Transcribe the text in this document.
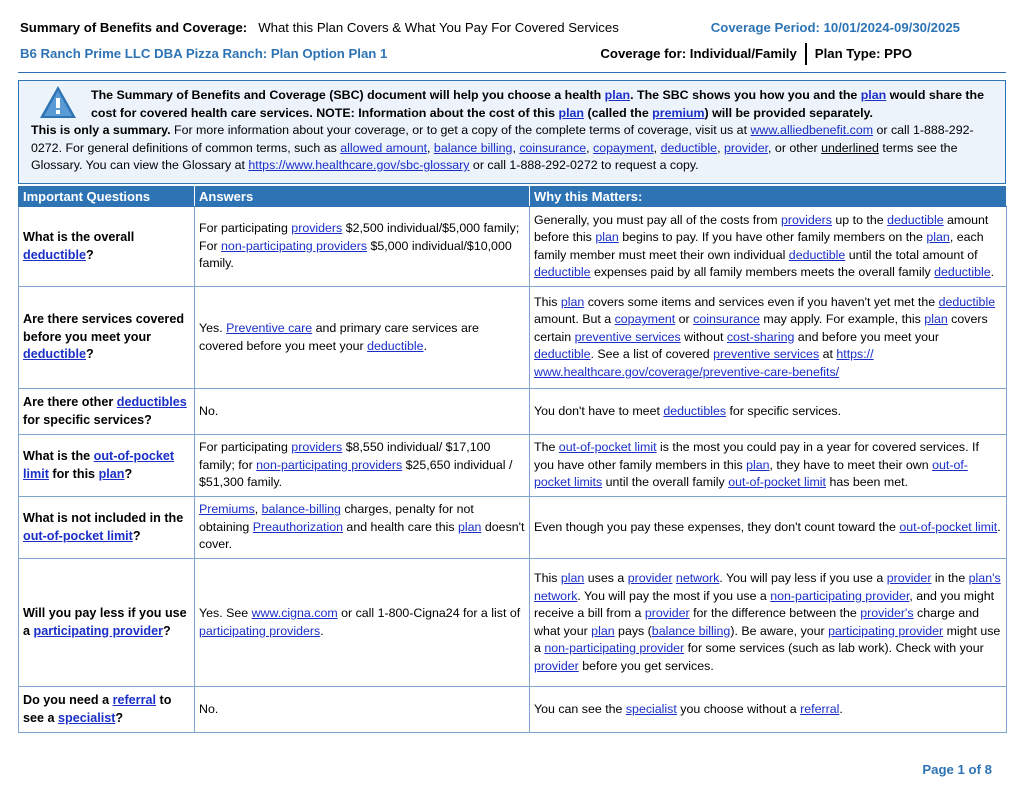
Summary of Benefits and Coverage: What this Plan Covers & What You Pay For Covered Services	Coverage Period: 10/01/2024-09/30/2025
B6 Ranch Prime LLC DBA Pizza Ranch: Plan Option Plan 1	Coverage for: Individual/Family Plan Type: PPO
The Summary of Benefits and Coverage (SBC) document will help you choose a health plan. The SBC shows you how you and the plan would share the cost for covered health care services. NOTE: Information about the cost of this plan (called the premium) will be provided separately.
This is only a summary. For more information about your coverage, or to get a copy of the complete terms of coverage, visit us at www.alliedbenefit.com or call 1-888-292-0272. For general definitions of common terms, such as allowed amount, balance billing, coinsurance, copayment, deductible, provider, or other underlined terms see the Glossary. You can view the Glossary at https://www.healthcare.gov/sbc-glossary or call 1-888-292-0272 to request a copy.
Important Questions	Answers	Why this Matters:
What is the overall deductible?	For participating providers $2,500 individual/$5,000 family; For non-participating providers $5,000 individual/$10,000 family.	Generally, you must pay all of the costs from providers up to the deductible amount before this plan begins to pay. If you have other family members on the plan, each family member must meet their own individual deductible until the total amount of deductible expenses paid by all family members meets the overall family deductible.
Are there services covered before you meet your deductible?	Yes. Preventive care and primary care services are covered before you meet your deductible.	This plan covers some items and services even if you haven't yet met the deductible amount. But a copayment or coinsurance may apply. For example, this plan covers certain preventive services without cost-sharing and before you meet your deductible. See a list of covered preventive services at https:// www.healthcare.gov/coverage/preventive-care-benefits/
Are there other deductibles for specific services?	No.	You don't have to meet deductibles for specific services.
What is the out-of-pocket limit for this plan?	For participating providers $8,550 individual/ $17,100 family; for non-participating providers $25,650 individual / $51,300 family.	The out-of-pocket limit is the most you could pay in a year for covered services. If you have other family members in this plan, they have to meet their own out-of-pocket limits until the overall family out-of-pocket limit has been met.
What is not included in the out-of-pocket limit?	Premiums, balance-billing charges, penalty for not obtaining Preauthorization and health care this plan doesn't cover.	Even though you pay these expenses, they don't count toward the out-of-pocket limit.
Will you pay less if you use a participating provider?	Yes. See www.cigna.com or call 1-800-Cigna24 for a list of participating providers.	This plan uses a provider network. You will pay less if you use a provider in the plan's network. You will pay the most if you use a non-participating provider, and you might receive a bill from a provider for the difference between the provider's charge and what your plan pays (balance billing). Be aware, your participating provider might use a non-participating provider for some services (such as lab work). Check with your provider before you get services.
Do you need a referral to see a specialist?	No.	You can see the specialist you choose without a referral.
Page 1 of 8
